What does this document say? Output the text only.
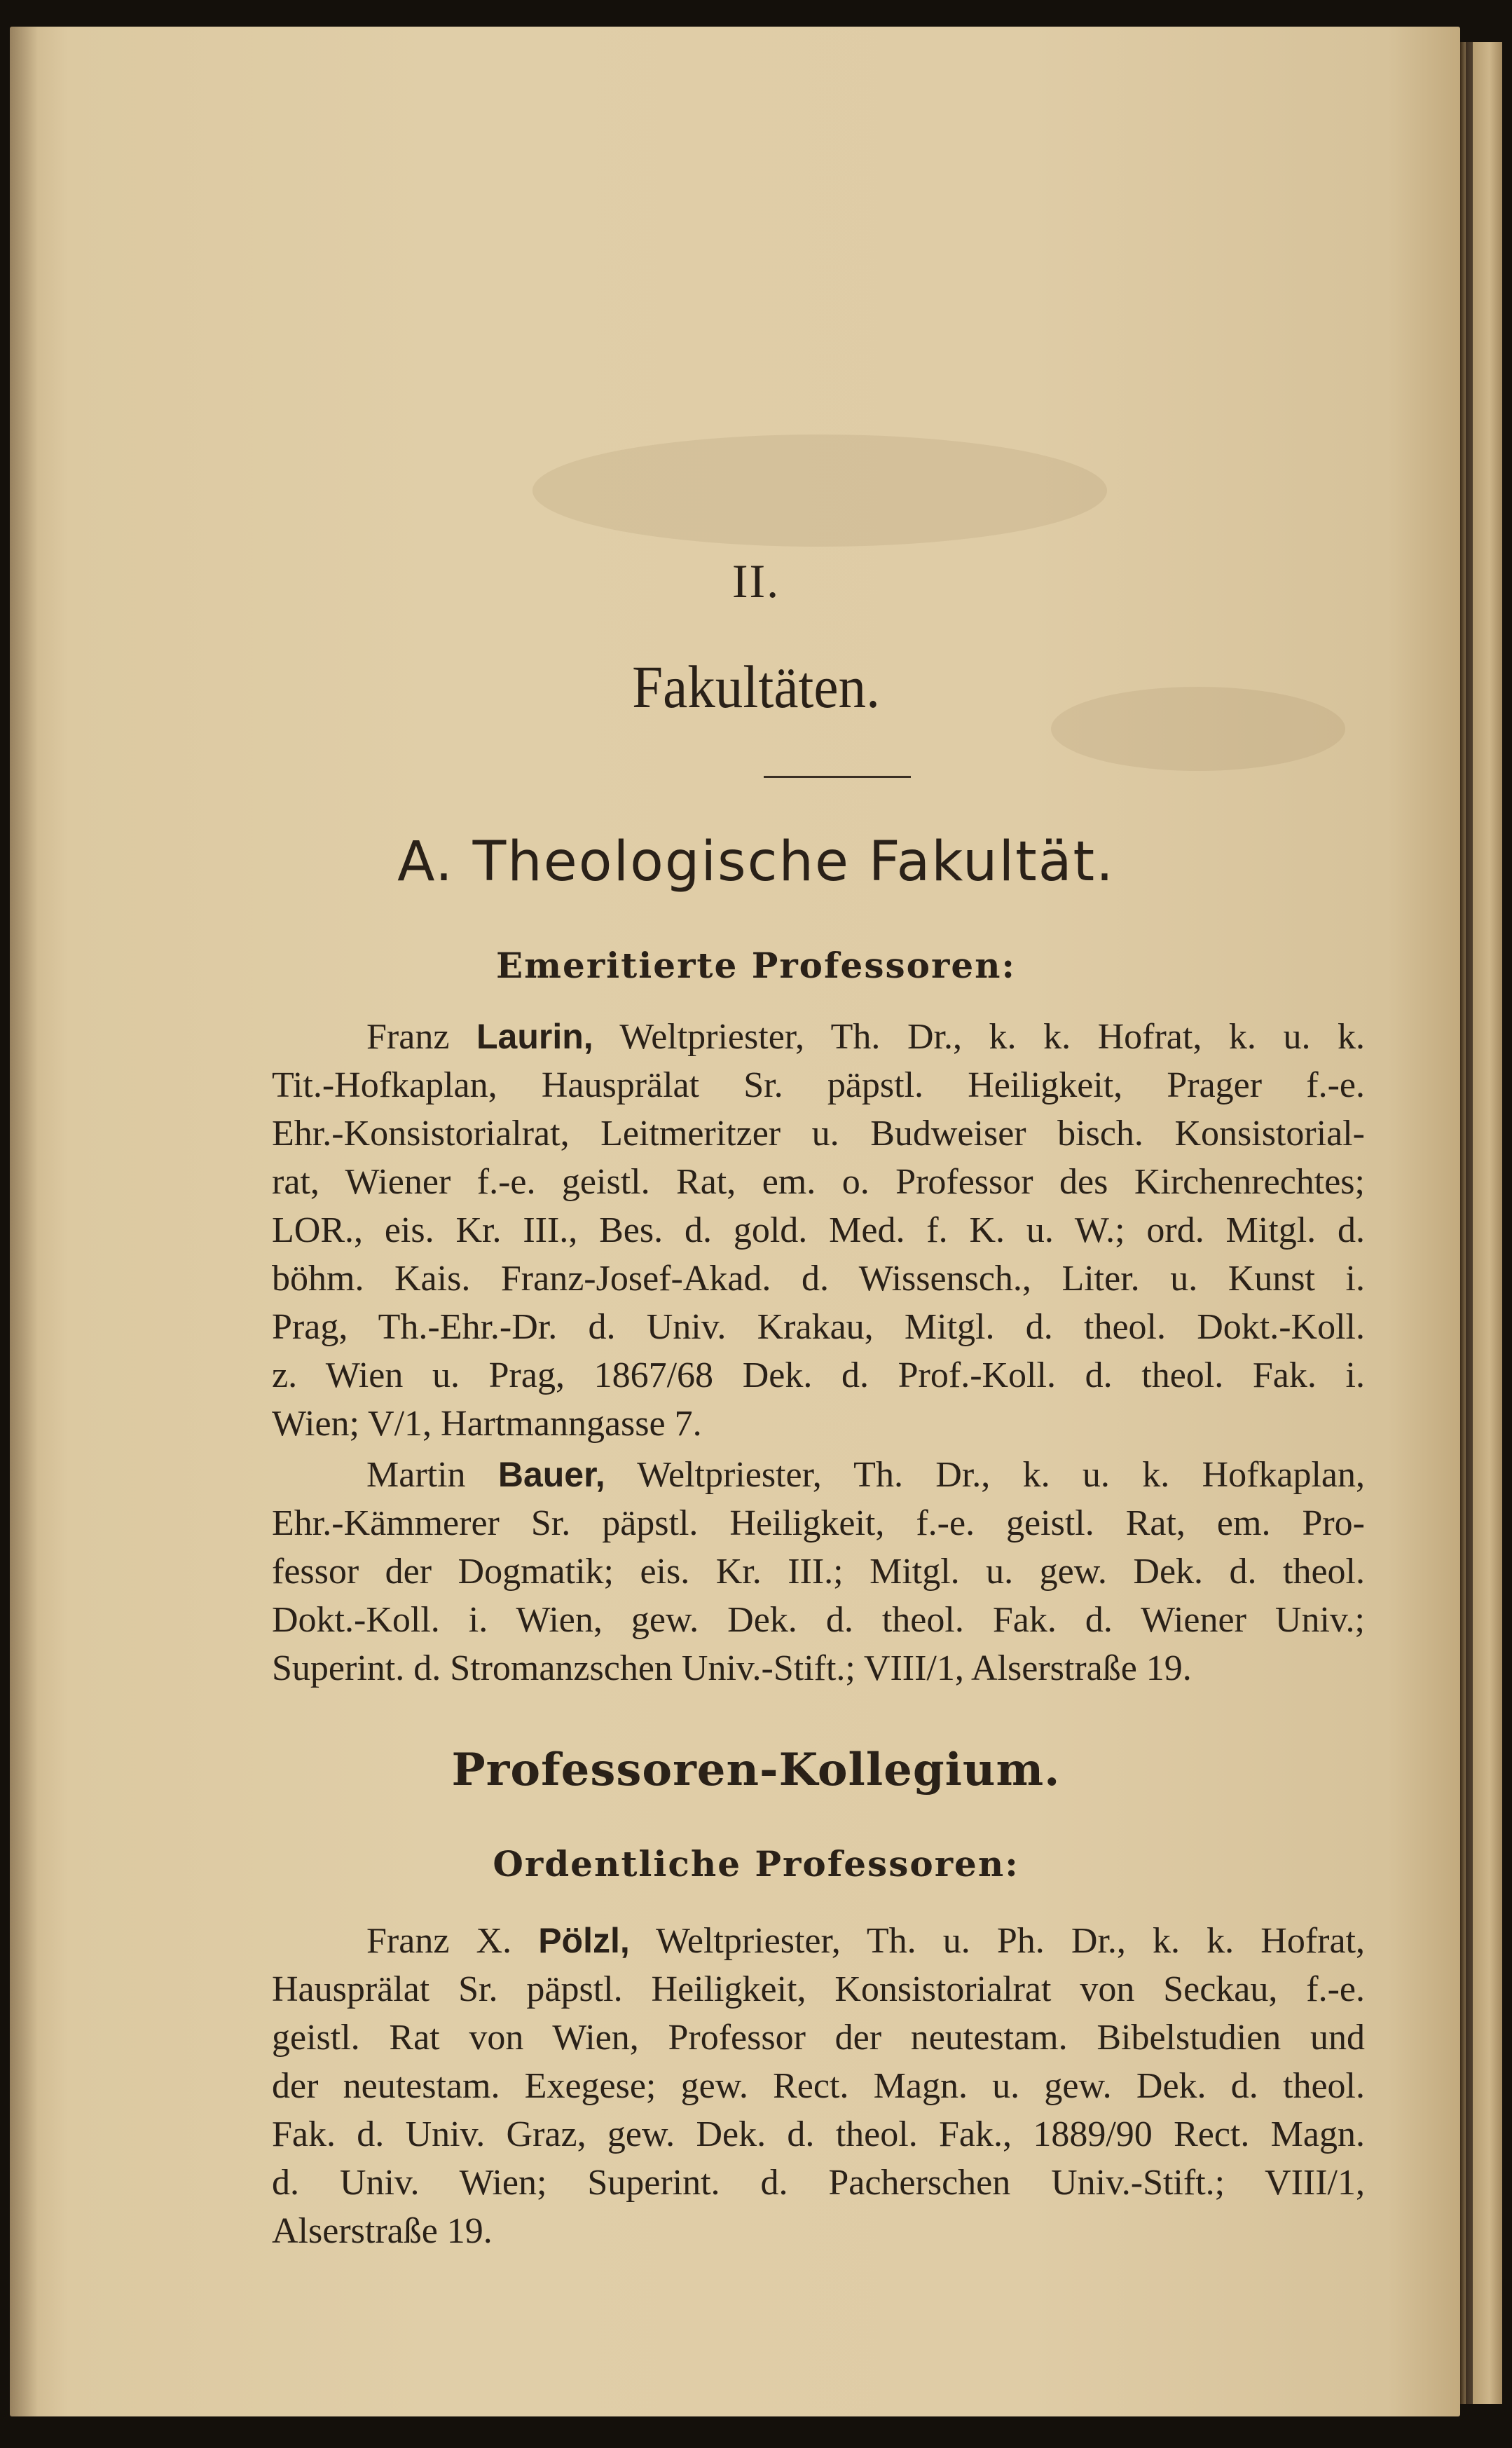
II.
Fakultäten.
A. Theologische Fakultät.
Emeritierte Professoren:
Franz Laurin, Weltpriester, Th. Dr., k. k. Hofrat, k. u. k.
Tit.-Hofkaplan, Hausprälat Sr. päpstl. Heiligkeit, Prager f.-e.
Ehr.-Konsistorialrat, Leitmeritzer u. Budweiser bisch. Konsistorial-
rat, Wiener f.-e. geistl. Rat, em. o. Professor des Kirchenrechtes;
LOR., eis. Kr. III., Bes. d. gold. Med. f. K. u. W.; ord. Mitgl. d.
böhm. Kais. Franz-Josef-Akad. d. Wissensch., Liter. u. Kunst i.
Prag, Th.-Ehr.-Dr. d. Univ. Krakau, Mitgl. d. theol. Dokt.-Koll.
z. Wien u. Prag, 1867/68 Dek. d. Prof.-Koll. d. theol. Fak. i.
Wien; V/1, Hartmanngasse 7.
Martin Bauer, Weltpriester, Th. Dr., k. u. k. Hofkaplan,
Ehr.-Kämmerer Sr. päpstl. Heiligkeit, f.-e. geistl. Rat, em. Pro-
fessor der Dogmatik; eis. Kr. III.; Mitgl. u. gew. Dek. d. theol.
Dokt.-Koll. i. Wien, gew. Dek. d. theol. Fak. d. Wiener Univ.;
Superint. d. Stromanzschen Univ.-Stift.; VIII/1, Alserstraße 19.
Professoren-Kollegium.
Ordentliche Professoren:
Franz X. Pölzl, Weltpriester, Th. u. Ph. Dr., k. k. Hofrat,
Hausprälat Sr. päpstl. Heiligkeit, Konsistorialrat von Seckau, f.-e.
geistl. Rat von Wien, Professor der neutestam. Bibelstudien und
der neutestam. Exegese; gew. Rect. Magn. u. gew. Dek. d. theol.
Fak. d. Univ. Graz, gew. Dek. d. theol. Fak., 1889/90 Rect. Magn.
d. Univ. Wien; Superint. d. Pacherschen Univ.-Stift.; VIII/1,
Alserstraße 19.
